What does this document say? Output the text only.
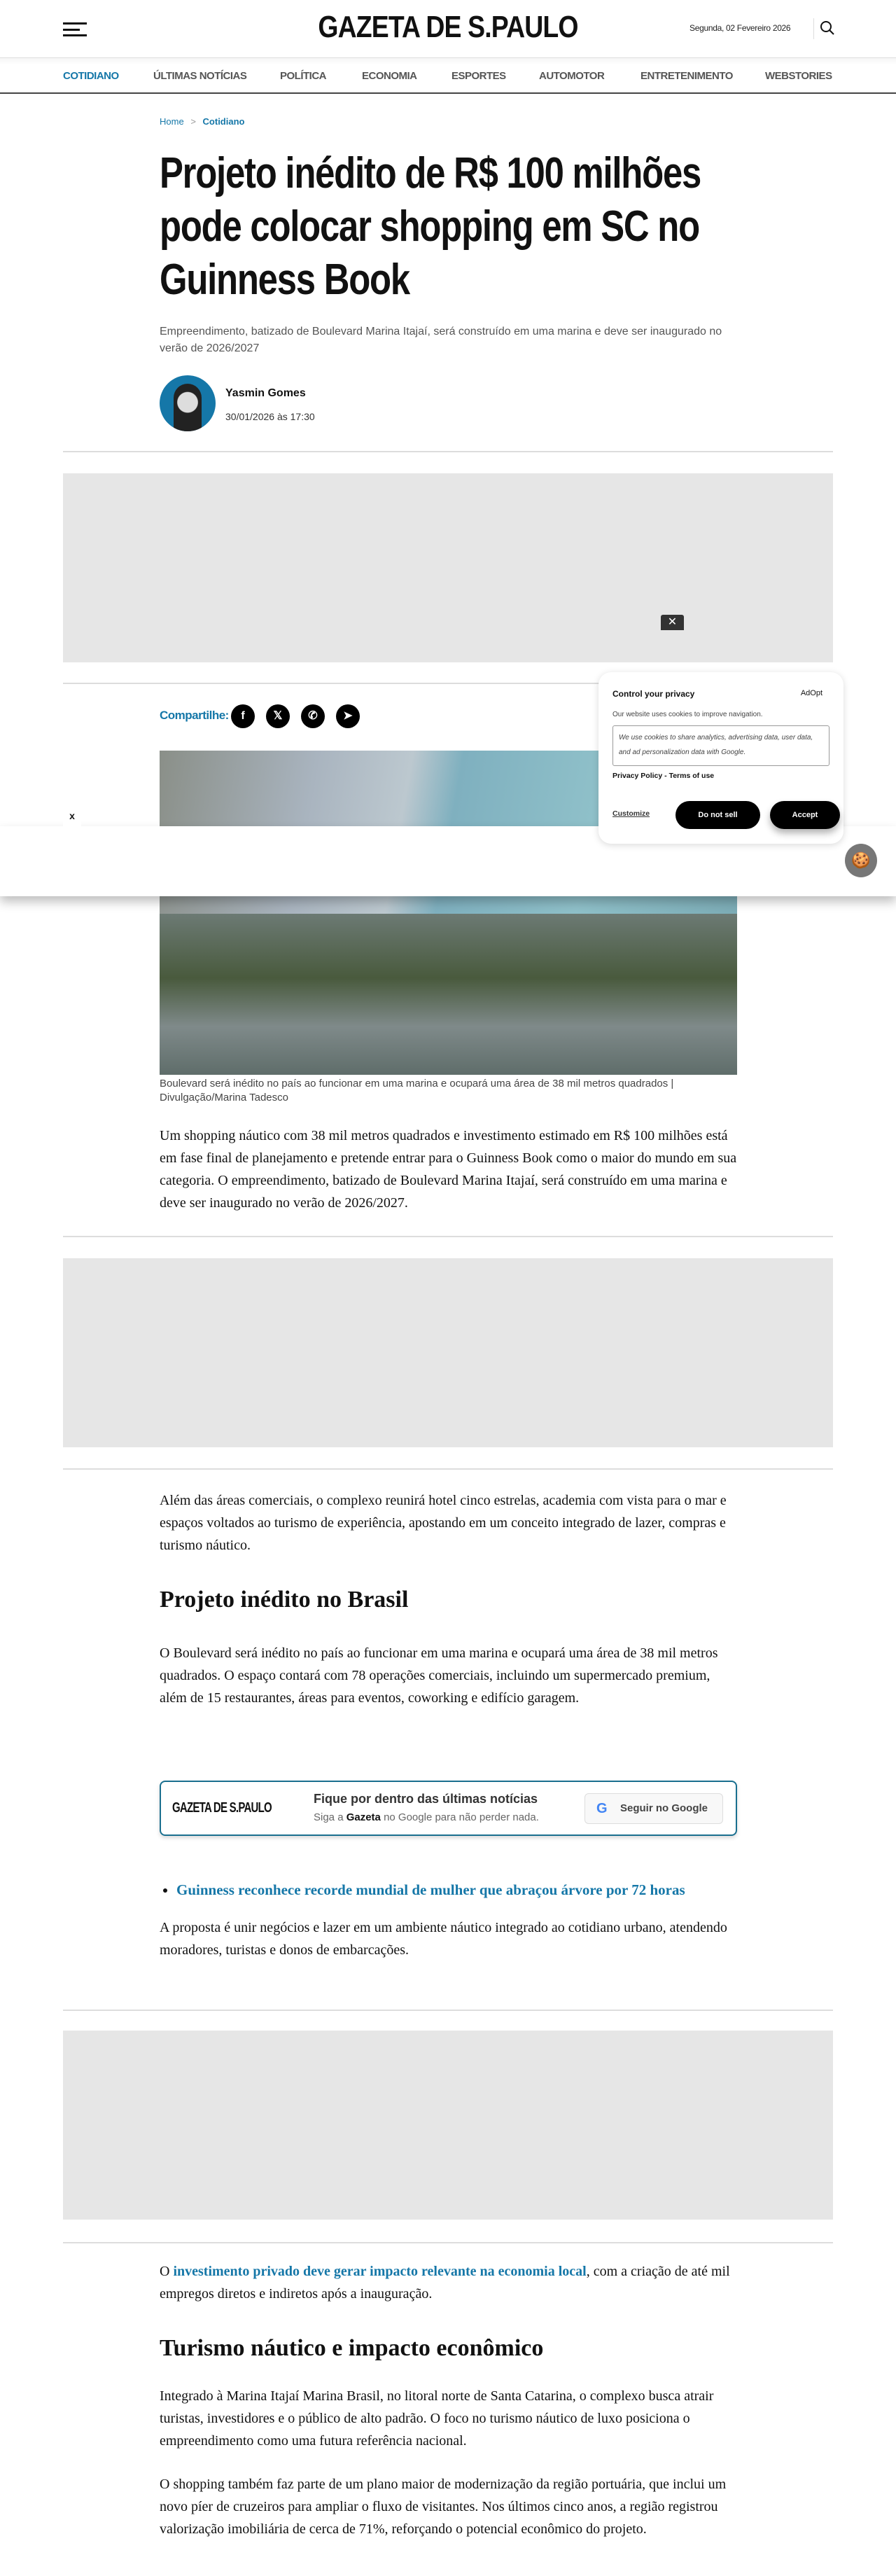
GAZETA DE S.PAULO	Segunda, 02 Fevereiro 2026
COTIDIANO	ÚLTIMAS NOTÍCIAS	POLÍTICA	ECONOMIA	ESPORTES	AUTOMOTOR	ENTRETENIMENTO	WEBSTORIES
Home > Cotidiano
Projeto inédito de R$ 100 milhões pode colocar shopping em SC no Guinness Book
Empreendimento, batizado de Boulevard Marina Itajaí, será construído em uma marina e deve ser inaugurado no verão de 2026/2027
Yasmin Gomes
30/01/2026 às 17:30
Compartilhe:	f	𝕏	✆	➤
x
Boulevard será inédito no país ao funcionar em uma marina e ocupará uma área de 38 mil metros quadrados | Divulgação/Marina Tadesco

Um shopping náutico com 38 mil metros quadrados e investimento estimado em R$ 100 milhões está em fase final de planejamento e pretende entrar para o Guinness Book como o maior do mundo em sua categoria. O empreendimento, batizado de Boulevard Marina Itajaí, será construído em uma marina e deve ser inaugurado no verão de 2026/2027.

Além das áreas comerciais, o complexo reunirá hotel cinco estrelas, academia com vista para o mar e espaços voltados ao turismo de experiência, apostando em um conceito integrado de lazer, compras e turismo náutico.

Projeto inédito no Brasil

O Boulevard será inédito no país ao funcionar em uma marina e ocupará uma área de 38 mil metros quadrados. O espaço contará com 78 operações comerciais, incluindo um supermercado premium, além de 15 restaurantes, áreas para eventos, coworking e edifício garagem.

GAZETA DE S.PAULO
Fique por dentro das últimas notícias
Siga a Gazeta no Google para não perder nada.
G Seguir no Google
• Guinness reconhece recorde mundial de mulher que abraçou árvore por 72 horas

A proposta é unir negócios e lazer em um ambiente náutico integrado ao cotidiano urbano, atendendo moradores, turistas e donos de embarcações.

O investimento privado deve gerar impacto relevante na economia local, com a criação de até mil empregos diretos e indiretos após a inauguração.

Turismo náutico e impacto econômico

Integrado à Marina Itajaí Marina Brasil, no litoral norte de Santa Catarina, o complexo busca atrair turistas, investidores e o público de alto padrão. O foco no turismo náutico de luxo posiciona o empreendimento como uma futura referência nacional.

O shopping também faz parte de um plano maior de modernização da região portuária, que inclui um novo píer de cruzeiros para ampliar o fluxo de visitantes. Nos últimos cinco anos, a região registrou valorização imobiliária de cerca de 71%, reforçando o potencial econômico do projeto.

✕
Control your privacy	AdOpt
Our website uses cookies to improve navigation.
We use cookies to share analytics, advertising data, user data, and ad personalization data with Google.
Privacy Policy - Terms of use
Customize	Do not sell	Accept
🍪
